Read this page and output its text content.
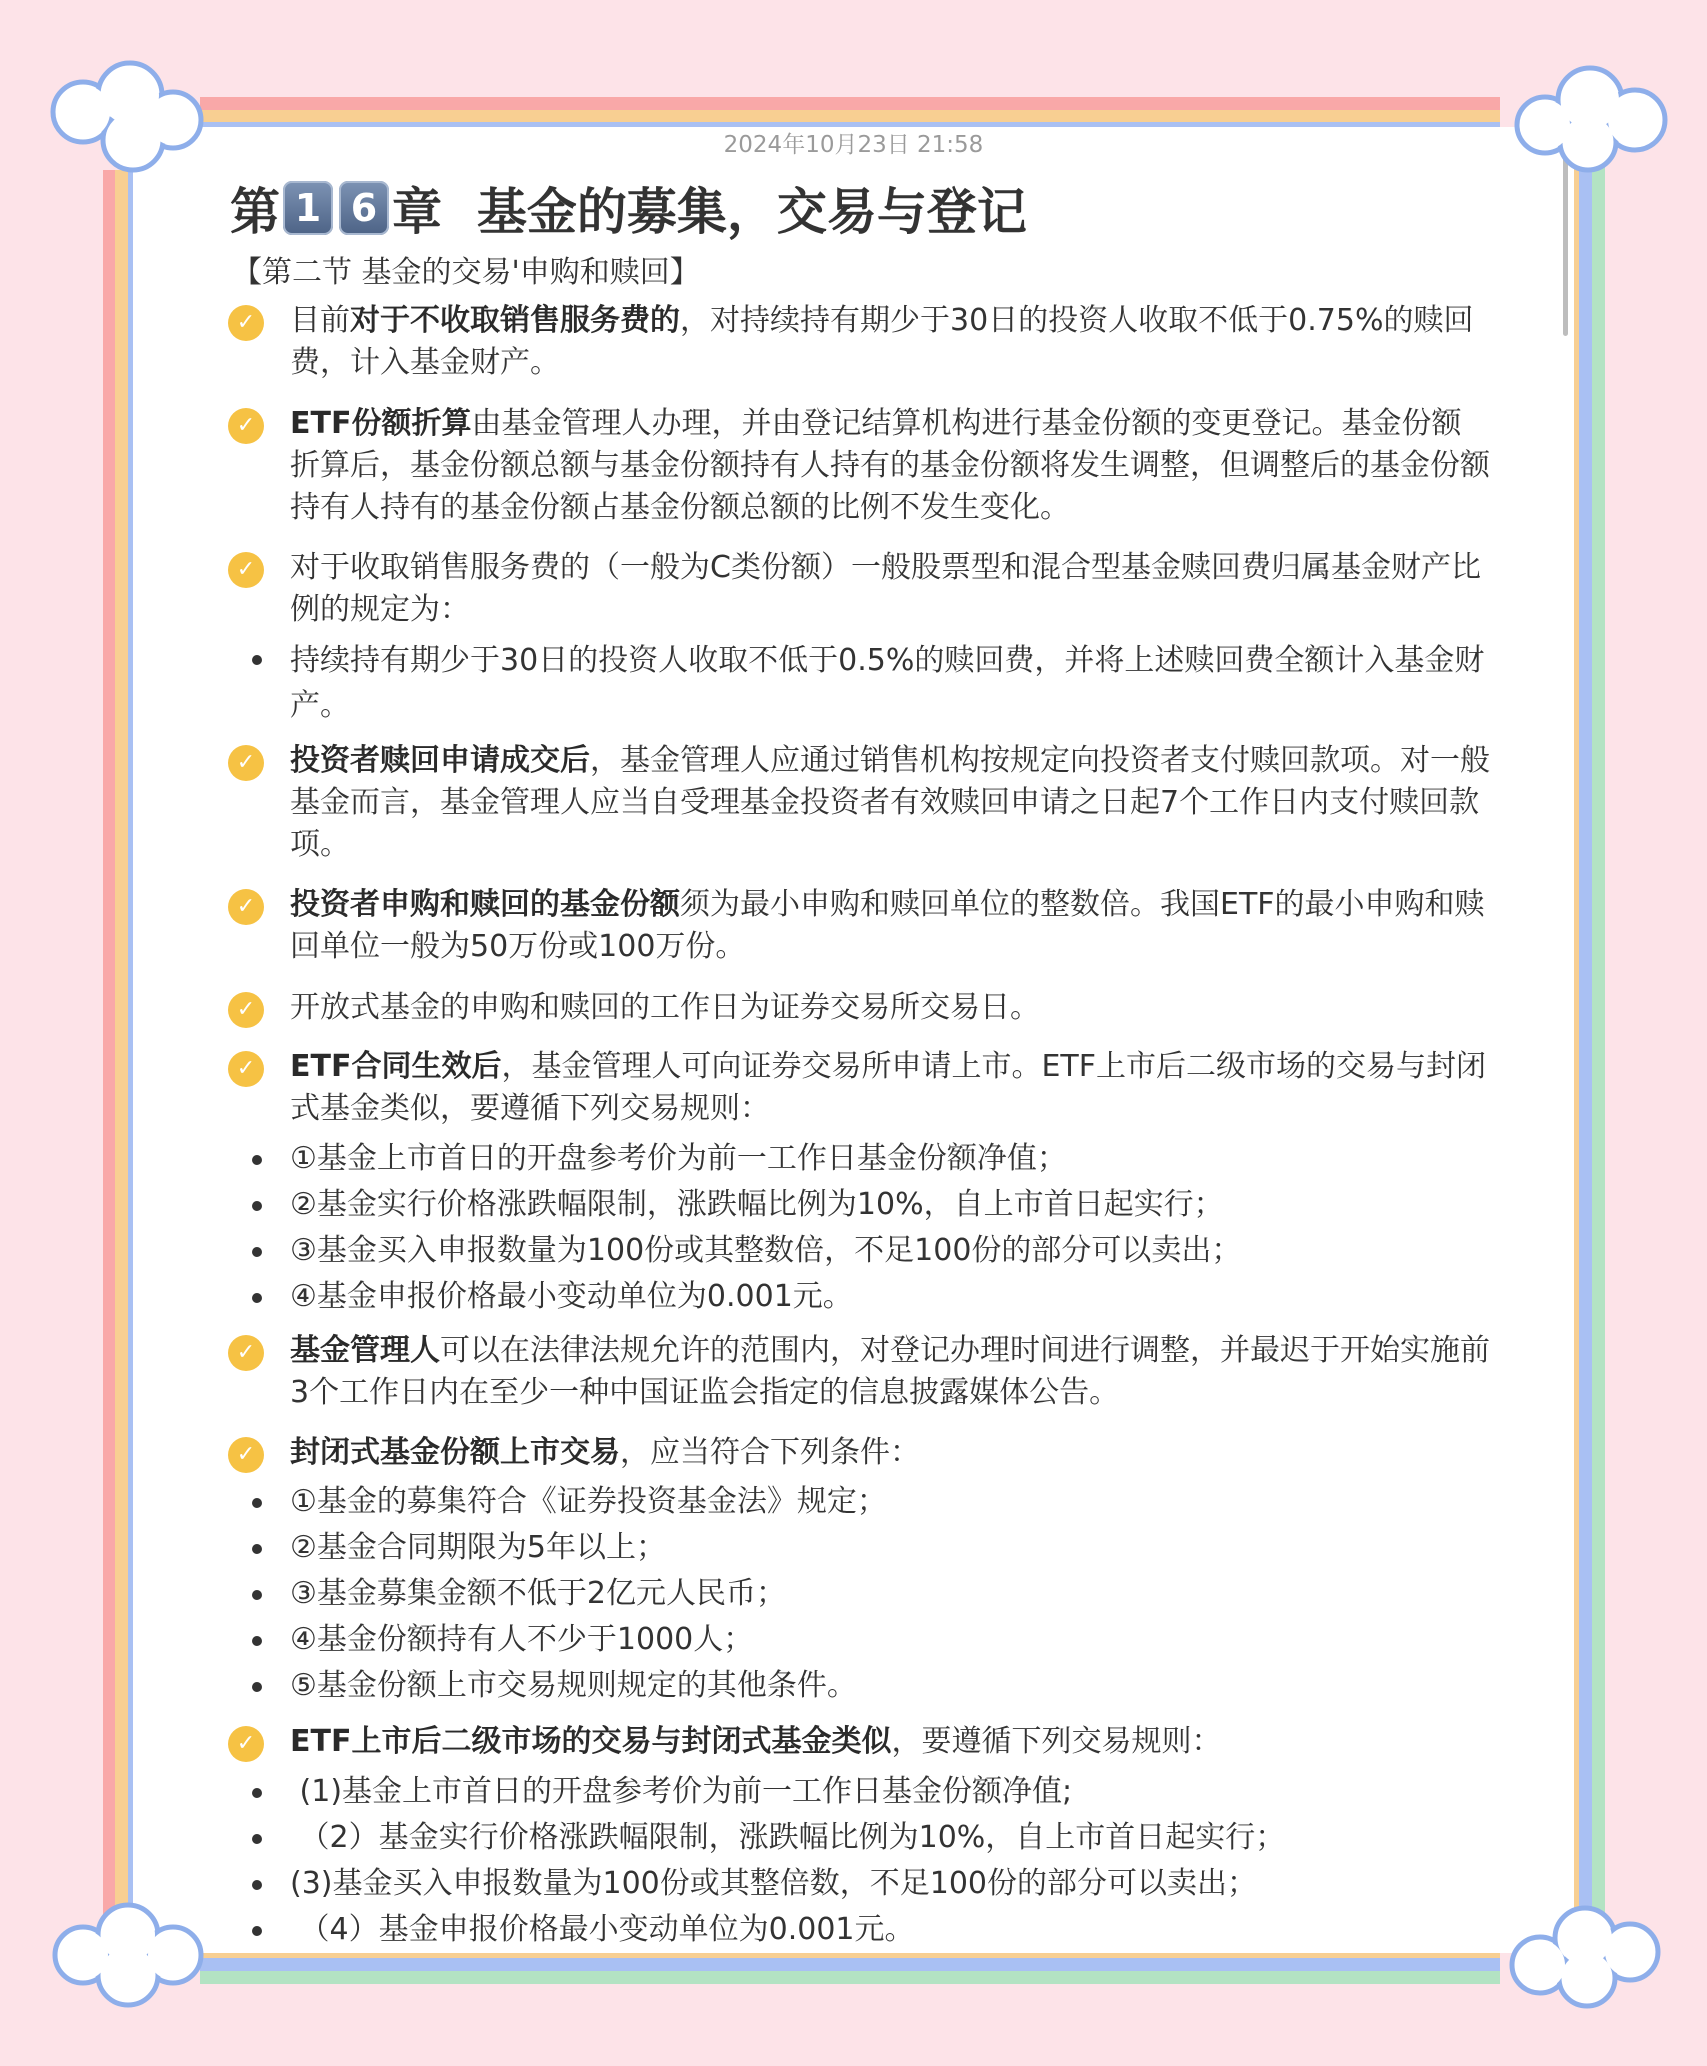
2024年10月23日 21:58
第 1 6 章  基金的募集，交易与登记
【第二节 基金的交易'申购和赎回】
✓ 目前对于不收取销售服务费的，对持续持有期少于30日的投资人收取不低于0.75%的赎回费，计入基金财产。
✓ ETF份额折算由基金管理人办理，并由登记结算机构进行基金份额的变更登记。基金份额折算后，基金份额总额与基金份额持有人持有的基金份额将发生调整，但调整后的基金份额持有人持有的基金份额占基金份额总额的比例不发生变化。
✓ 对于收取销售服务费的（一般为C类份额）一般股票型和混合型基金赎回费归属基金财产比例的规定为：
持续持有期少于30日的投资人收取不低于0.5%的赎回费，并将上述赎回费全额计入基金财产。
✓ 投资者赎回申请成交后，基金管理人应通过销售机构按规定向投资者支付赎回款项。对一般基金而言，基金管理人应当自受理基金投资者有效赎回申请之日起7个工作日内支付赎回款项。
✓ 投资者申购和赎回的基金份额须为最小申购和赎回单位的整数倍。我国ETF的最小申购和赎回单位一般为50万份或100万份。
✓ 开放式基金的申购和赎回的工作日为证券交易所交易日。
✓ ETF合同生效后，基金管理人可向证券交易所申请上市。ETF上市后二级市场的交易与封闭式基金类似，要遵循下列交易规则：
①基金上市首日的开盘参考价为前一工作日基金份额净值；
②基金实行价格涨跌幅限制，涨跌幅比例为10%，自上市首日起实行；
③基金买入申报数量为100份或其整数倍，不足100份的部分可以卖出；
④基金申报价格最小变动单位为0.001元。
✓ 基金管理人可以在法律法规允许的范围内，对登记办理时间进行调整，并最迟于开始实施前3个工作日内在至少一种中国证监会指定的信息披露媒体公告。
✓ 封闭式基金份额上市交易，应当符合下列条件：
①基金的募集符合《证券投资基金法》规定；
②基金合同期限为5年以上；
③基金募集金额不低于2亿元人民币；
④基金份额持有人不少于1000人；
⑤基金份额上市交易规则规定的其他条件。
✓ ETF上市后二级市场的交易与封闭式基金类似，要遵循下列交易规则：
(1)基金上市首日的开盘参考价为前一工作日基金份额净值;
（2）基金实行价格涨跌幅限制，涨跌幅比例为10%，自上市首日起实行；
(3)基金买入申报数量为100份或其整倍数，不足100份的部分可以卖出；
（4）基金申报价格最小变动单位为0.001元。
